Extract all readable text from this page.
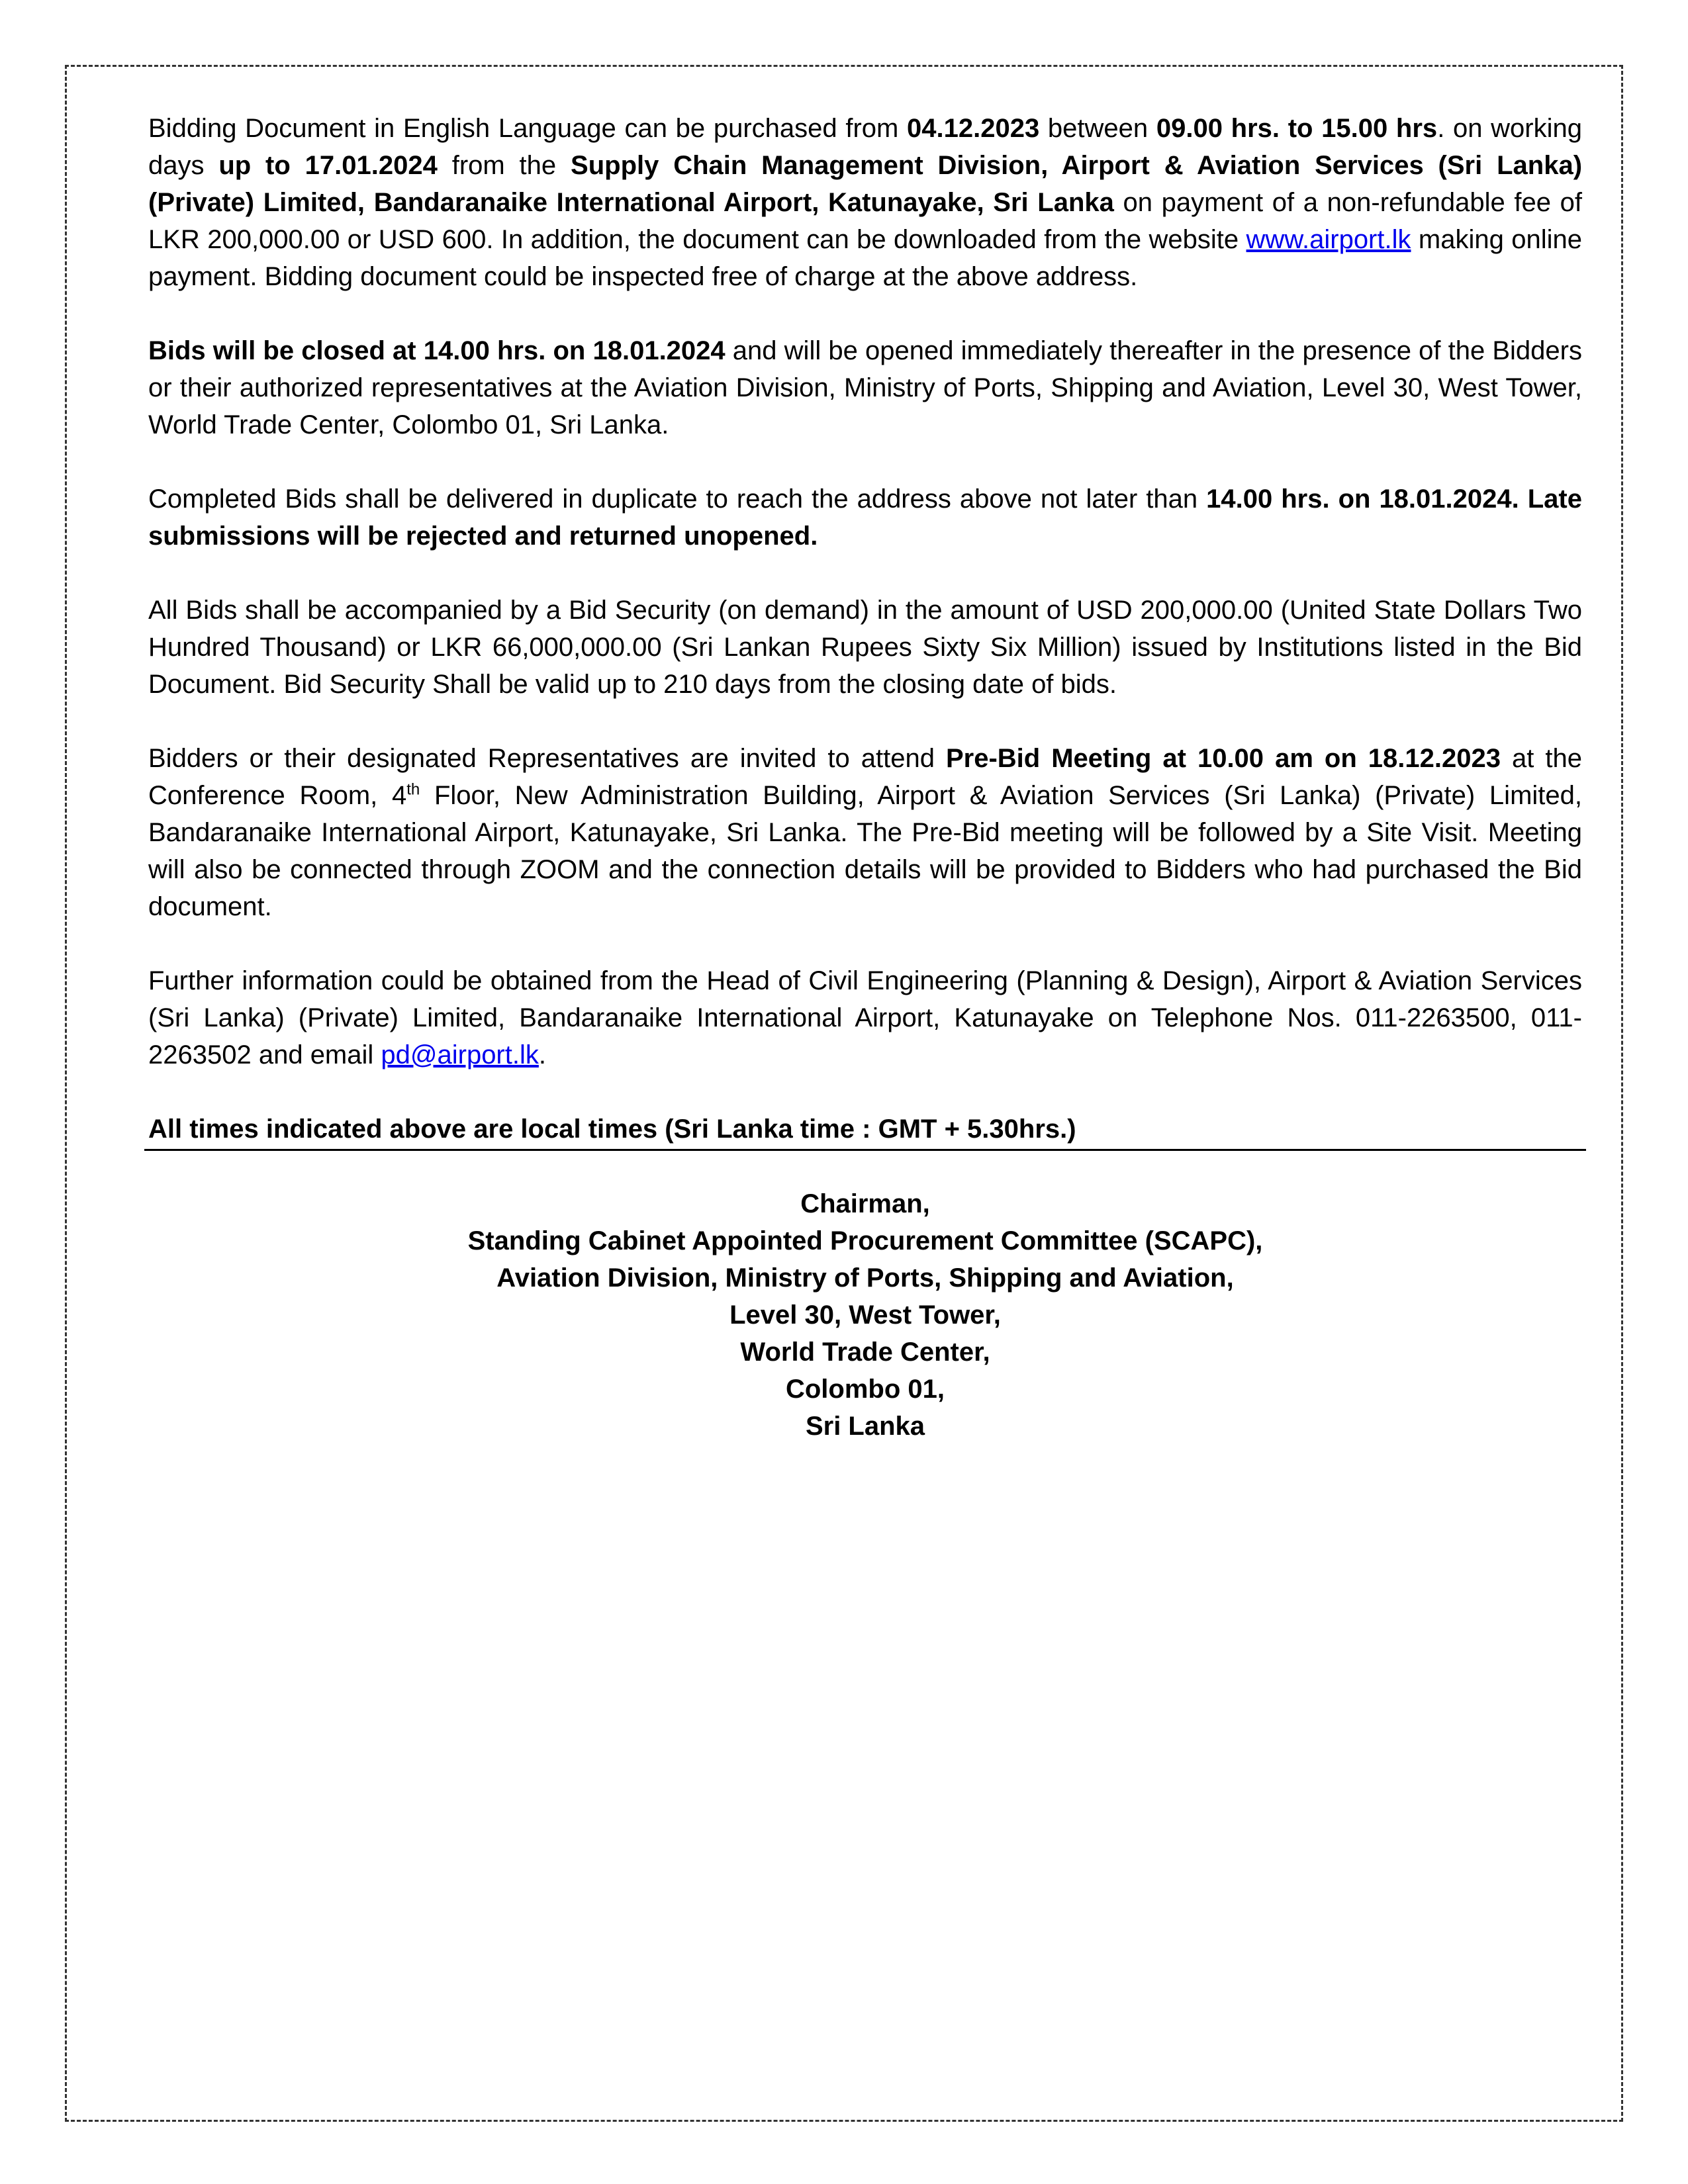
Bidding Document in English Language can be purchased from 04.12.2023 between 09.00 hrs. to 15.00 hrs. on working days up to 17.01.2024 from the Supply Chain Management Division, Airport & Aviation Services (Sri Lanka) (Private) Limited, Bandaranaike International Airport, Katunayake, Sri Lanka on payment of a non-refundable fee of LKR 200,000.00 or USD 600. In addition, the document can be downloaded from the website www.airport.lk making online payment. Bidding document could be inspected free of charge at the above address.

Bids will be closed at 14.00 hrs. on 18.01.2024 and will be opened immediately thereafter in the presence of the Bidders or their authorized representatives at the Aviation Division, Ministry of Ports, Shipping and Aviation, Level 30, West Tower, World Trade Center, Colombo 01, Sri Lanka.

Completed Bids shall be delivered in duplicate to reach the address above not later than 14.00 hrs. on 18.01.2024. Late submissions will be rejected and returned unopened.

All Bids shall be accompanied by a Bid Security (on demand) in the amount of USD 200,000.00 (United State Dollars Two Hundred Thousand) or LKR 66,000,000.00 (Sri Lankan Rupees Sixty Six Million) issued by Institutions listed in the Bid Document. Bid Security Shall be valid up to 210 days from the closing date of bids.

Bidders or their designated Representatives are invited to attend Pre-Bid Meeting at 10.00 am on 18.12.2023 at the Conference Room, 4th Floor, New Administration Building, Airport & Aviation Services (Sri Lanka) (Private) Limited, Bandaranaike International Airport, Katunayake, Sri Lanka. The Pre-Bid meeting will be followed by a Site Visit. Meeting will also be connected through ZOOM and the connection details will be provided to Bidders who had purchased the Bid document.

Further information could be obtained from the Head of Civil Engineering (Planning & Design), Airport & Aviation Services (Sri Lanka) (Private) Limited, Bandaranaike International Airport, Katunayake on Telephone Nos. 011-2263500, 011-2263502 and email pd@airport.lk.

All times indicated above are local times (Sri Lanka time : GMT + 5.30hrs.)

Chairman,
Standing Cabinet Appointed Procurement Committee (SCAPC),
Aviation Division, Ministry of Ports, Shipping and Aviation,
Level 30, West Tower,
World Trade Center,
Colombo 01,
Sri Lanka
